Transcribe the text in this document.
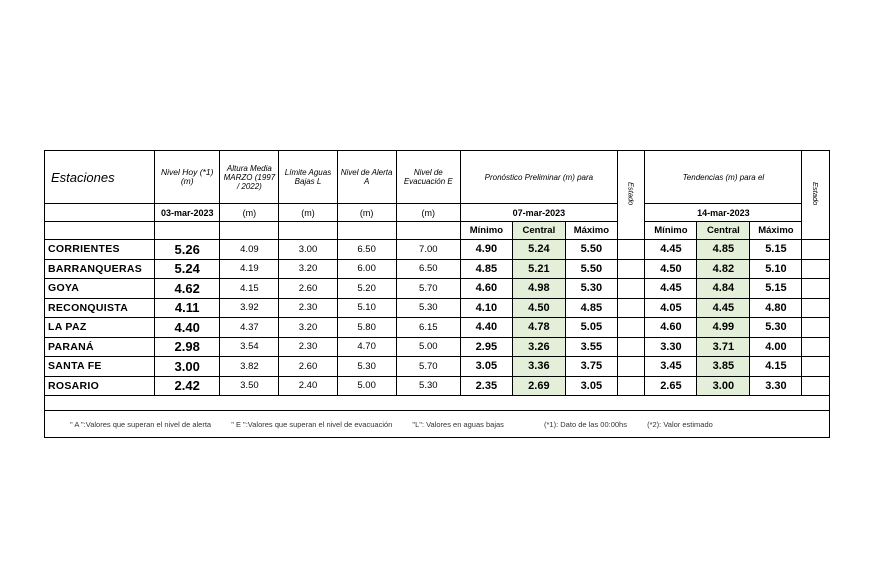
Estaciones	Nivel Hoy (*1) (m)	Altura Media MARZO (1997 / 2022)	Límite Aguas Bajas L	Nivel de Alerta A	Nivel de Evacuación E	Pronóstico Preliminar (m) para			Estado	Tendencias (m) para el			Estado
	03-mar-2023	(m)	(m)	(m)	(m)	07-mar-2023				14-mar-2023			
						Mínimo	Central	Máximo		Mínimo	Central	Máximo	
CORRIENTES	5.26	4.09	3.00	6.50	7.00	4.90	5.24	5.50		4.45	4.85	5.15	
BARRANQUERAS	5.24	4.19	3.20	6.00	6.50	4.85	5.21	5.50		4.50	4.82	5.10	
GOYA	4.62	4.15	2.60	5.20	5.70	4.60	4.98	5.30		4.45	4.84	5.15	
RECONQUISTA	4.11	3.92	2.30	5.10	5.30	4.10	4.50	4.85		4.05	4.45	4.80	
LA PAZ	4.40	4.37	3.20	5.80	6.15	4.40	4.78	5.05		4.60	4.99	5.30	
PARANÁ	2.98	3.54	2.30	4.70	5.00	2.95	3.26	3.55		3.30	3.71	4.00	
SANTA FE	3.00	3.82	2.60	5.30	5.70	3.05	3.36	3.75		3.45	3.85	4.15	
ROSARIO	2.42	3.50	2.40	5.00	5.30	2.35	2.69	3.05		2.65	3.00	3.30	

" A ":Valores que superan el nivel de alerta " E ":Valores que superan el nivel de evacuación "L": Valores en aguas bajas (*1): Dato de las 00:00hs (*2): Valor estimado													
